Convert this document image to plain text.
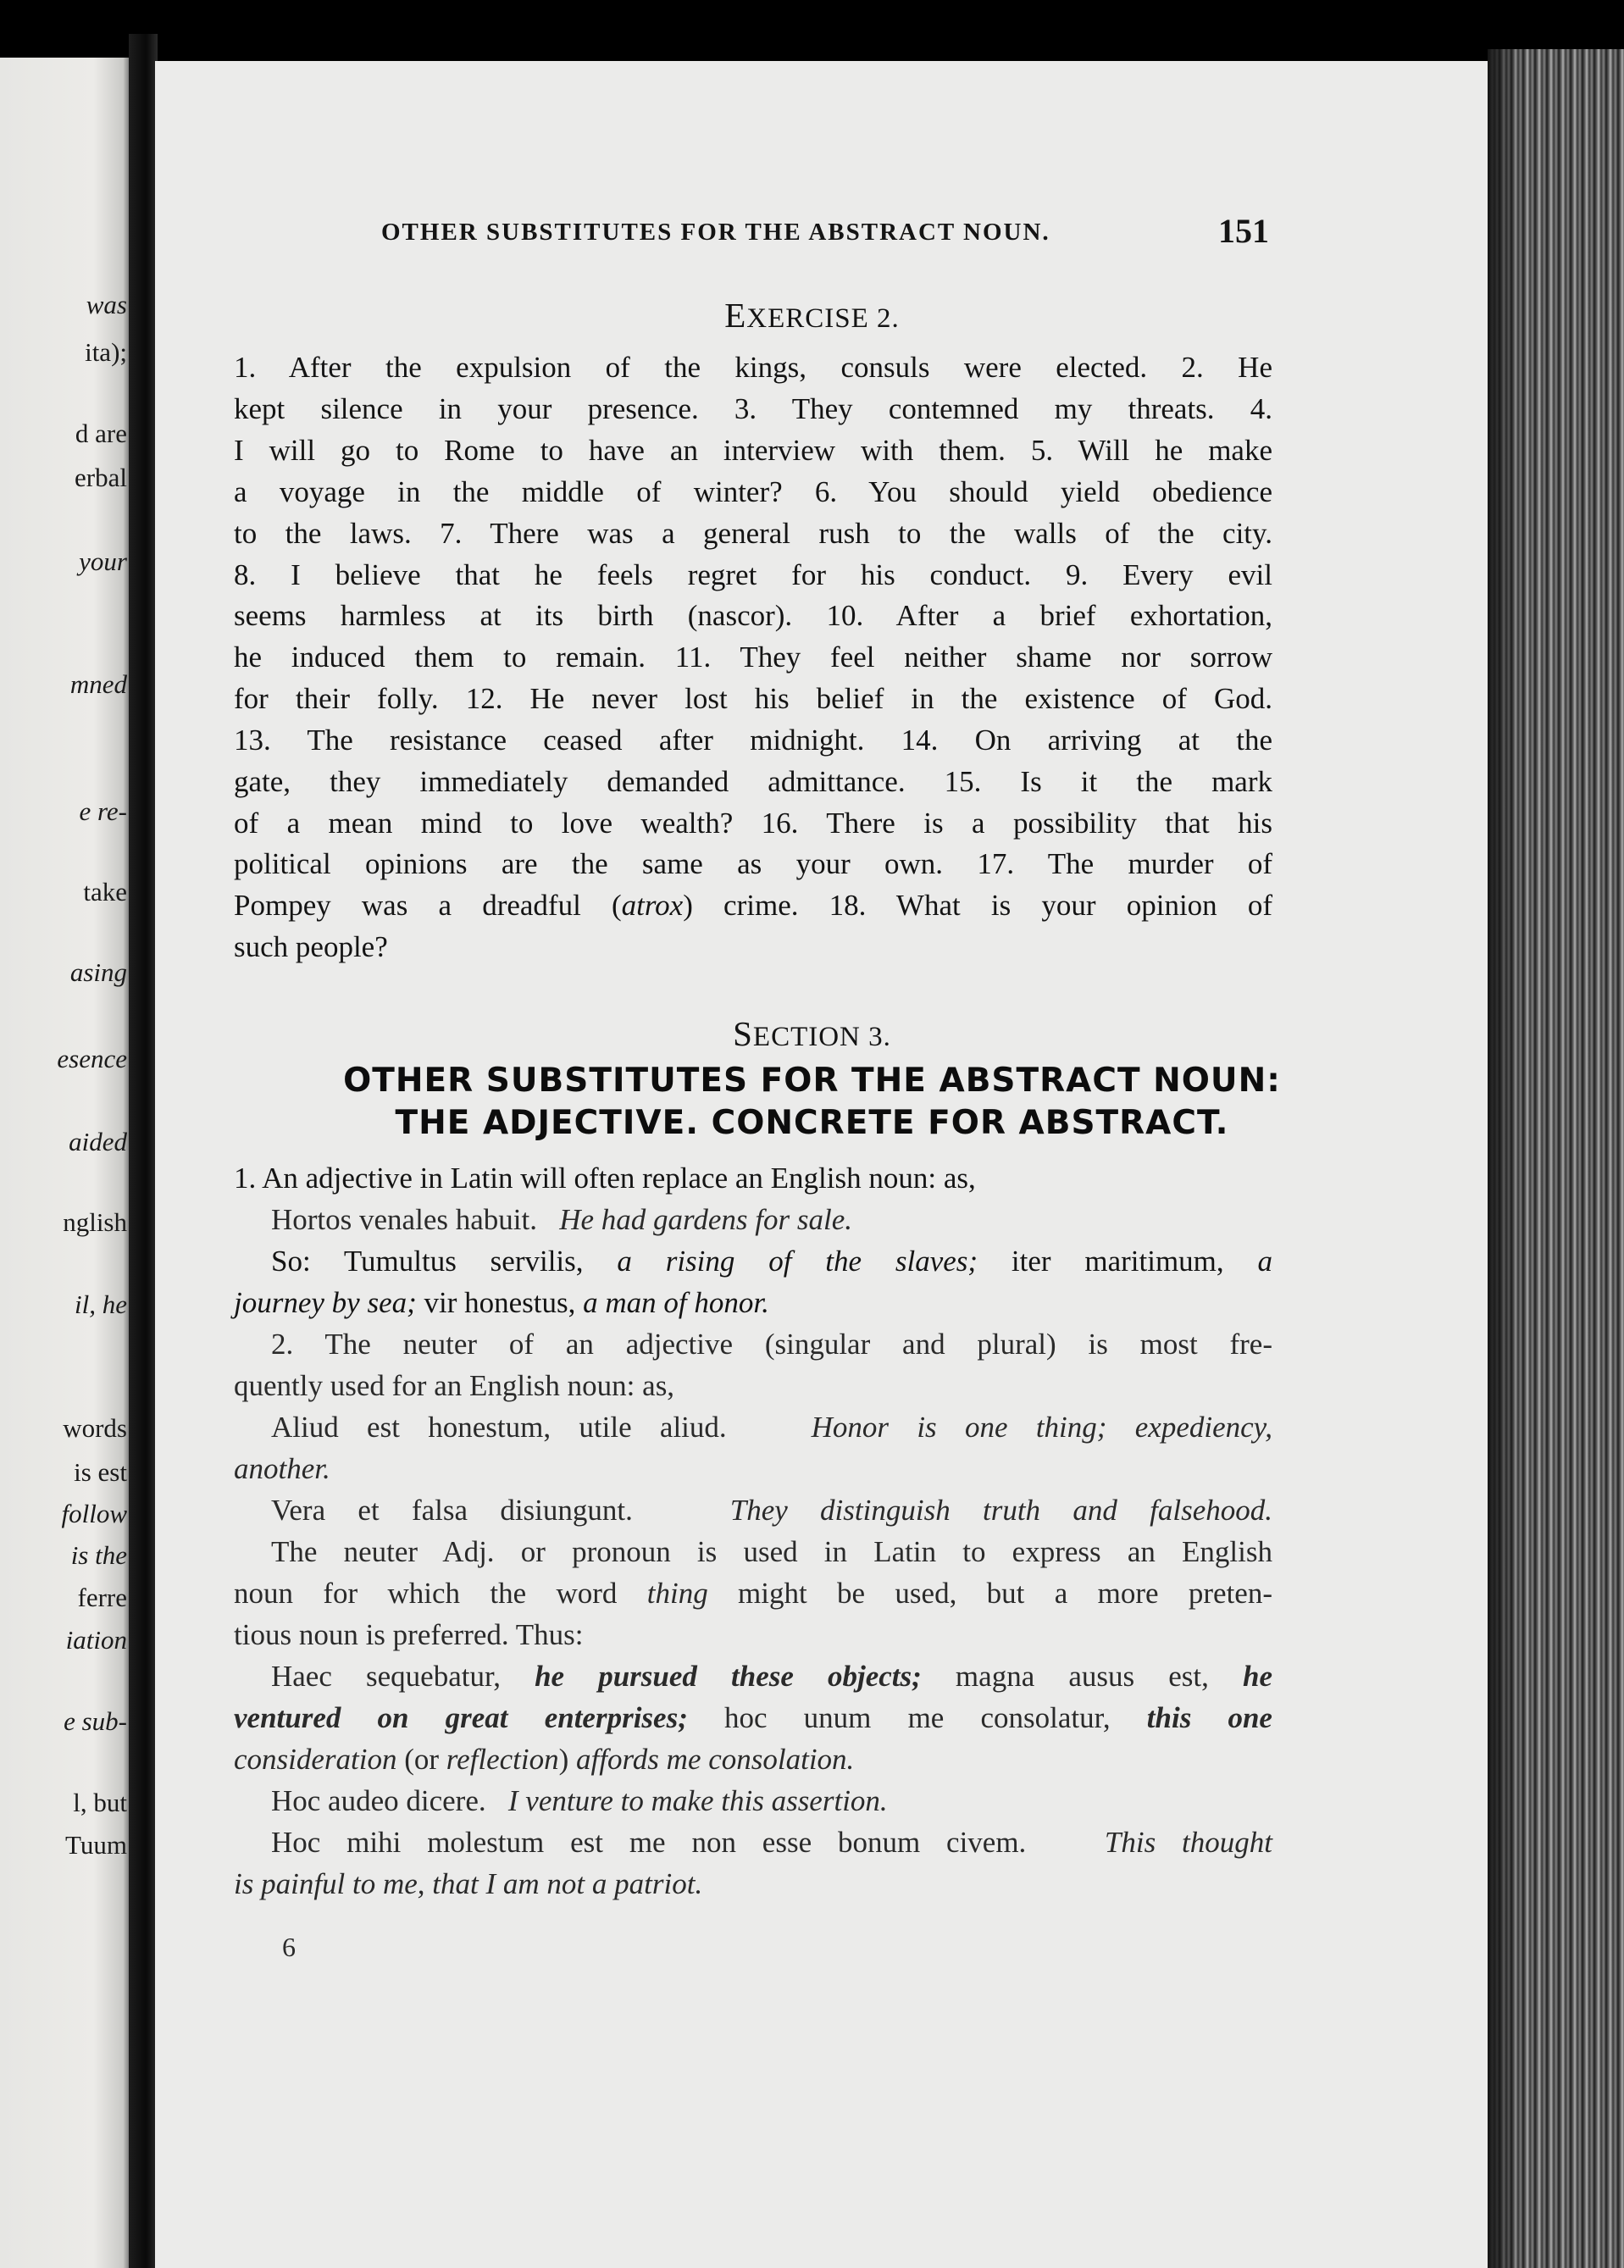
was
ita);
d are
erbal
your
mned
e re-
take
asing
esence
aided
nglish
il, he
words
is est
follow
is the
ferre
iation
e sub-
l, but
Tuum
OTHER SUBSTITUTES FOR THE ABSTRACT NOUN.	151
EXERCISE 2.
1. After the expulsion of the kings, consuls were elected. 2. He
kept silence in your presence. 3. They contemned my threats. 4.
I will go to Rome to have an interview with them. 5. Will he make
a voyage in the middle of winter? 6. You should yield obedience
to the laws. 7. There was a general rush to the walls of the city.
8. I believe that he feels regret for his conduct. 9. Every evil
seems harmless at its birth (nascor). 10. After a brief exhortation,
he induced them to remain. 11. They feel neither shame nor sorrow
for their folly. 12. He never lost his belief in the existence of God.
13. The resistance ceased after midnight. 14. On arriving at the
gate, they immediately demanded admittance. 15. Is it the mark
of a mean mind to love wealth? 16. There is a possibility that his
political opinions are the same as your own. 17. The murder of
Pompey was a dreadful (atrox) crime. 18. What is your opinion of
such people?
SECTION 3.
OTHER SUBSTITUTES FOR THE ABSTRACT NOUN:
THE ADJECTIVE. CONCRETE FOR ABSTRACT.
1. An adjective in Latin will often replace an English noun: as,
Hortos venales habuit. He had gardens for sale.
So: Tumultus servilis, a rising of the slaves; iter maritimum, a
journey by sea; vir honestus, a man of honor.
2. The neuter of an adjective (singular and plural) is most fre-
quently used for an English noun: as,
Aliud est honestum, utile aliud.	Honor is one thing; expediency,
another.
Vera et falsa disiungunt.	They distinguish truth and falsehood.
The neuter Adj. or pronoun is used in Latin to express an English
noun for which the word thing might be used, but a more preten-
tious noun is preferred. Thus:
Haec sequebatur, he pursued these objects; magna ausus est, he
ventured on great enterprises; hoc unum me consolatur, this one
consideration (or reflection) affords me consolation.
Hoc audeo dicere. I venture to make this assertion.
Hoc mihi molestum est me non esse bonum civem.	This thought
is painful to me, that I am not a patriot.
6
